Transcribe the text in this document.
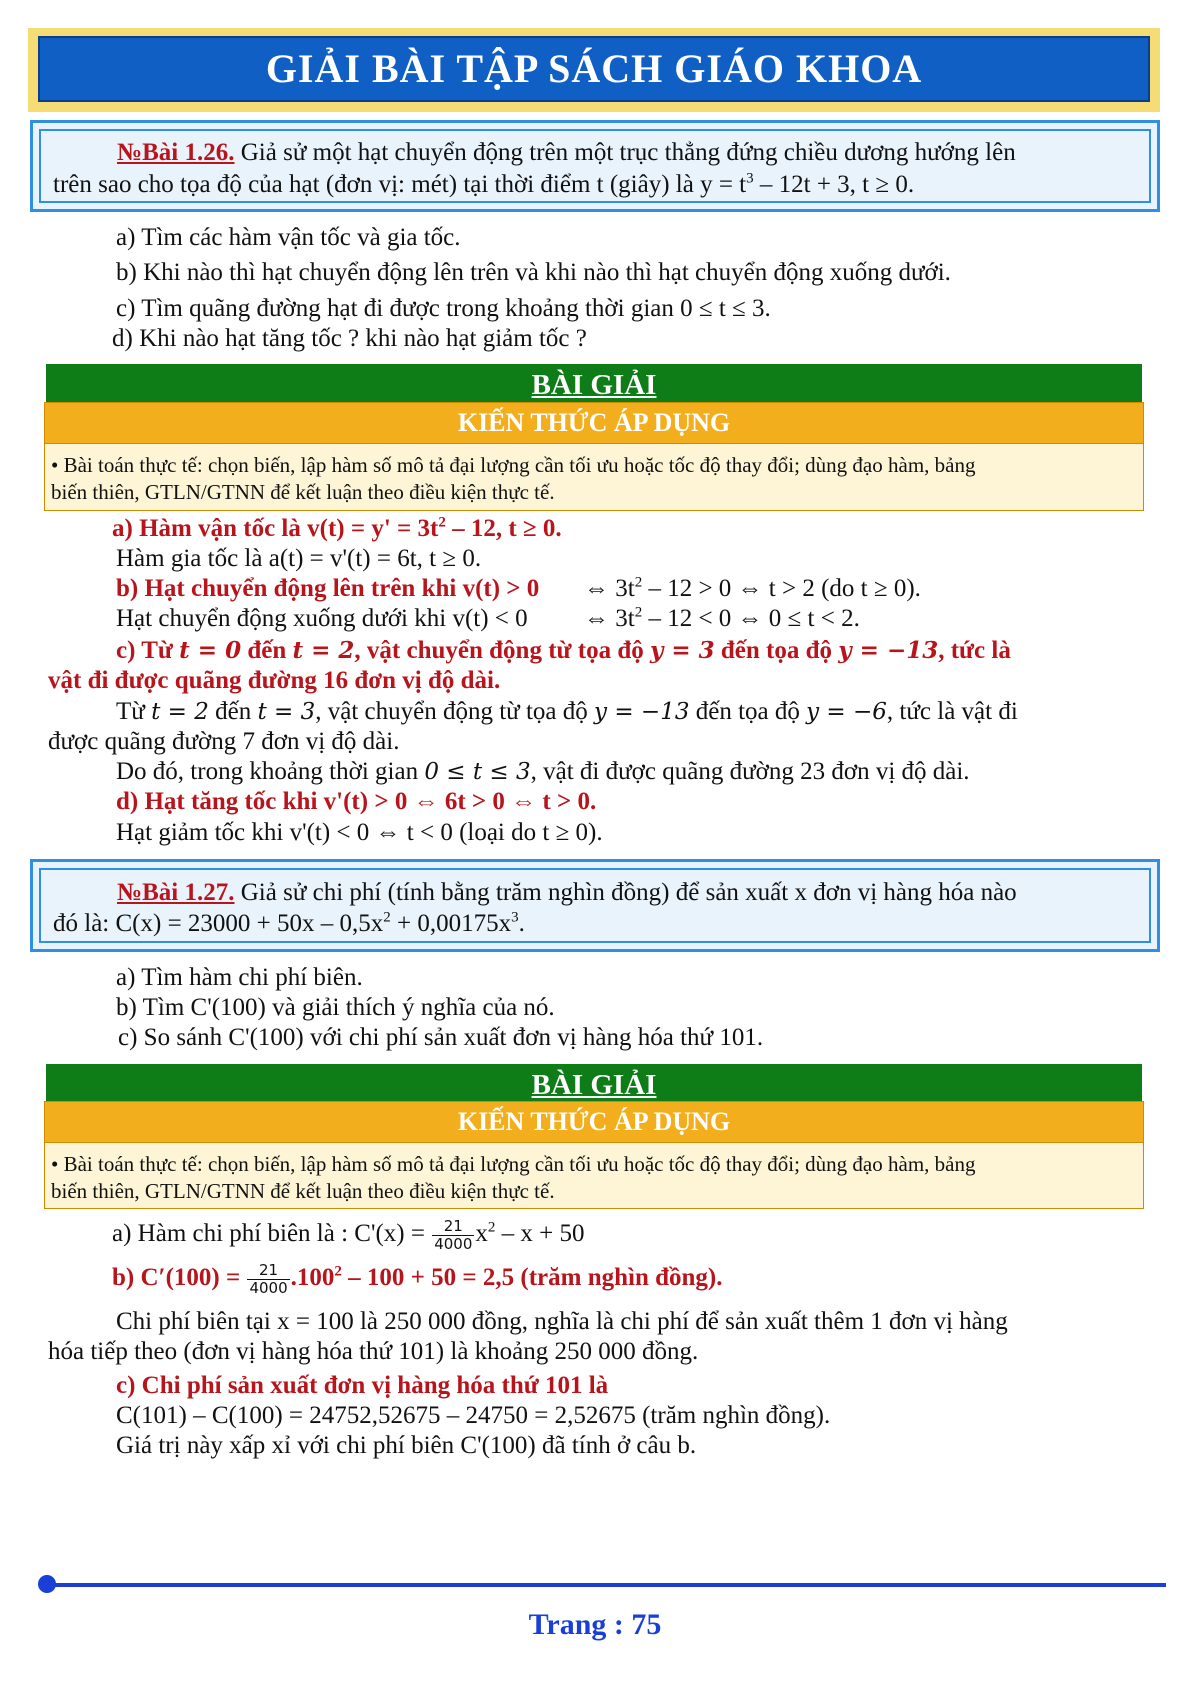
GIẢI BÀI TẬP SÁCH GIÁO KHOA
№Bài 1.26. Giả sử một hạt chuyển động trên một trục thẳng đứng chiều dương hướng lên
trên sao cho tọa độ của hạt (đơn vị: mét) tại thời điểm t (giây) là $y = t^3 - 12t + 3$, t ≥ 0.
a) Tìm các hàm vận tốc và gia tốc.
b) Khi nào thì hạt chuyển động lên trên và khi nào thì hạt chuyển động xuống dưới.
c) Tìm quãng đường hạt đi được trong khoảng thời gian 0 ≤ t ≤ 3.
d) Khi nào hạt tăng tốc ? khi nào hạt giảm tốc ?
BÀI GIẢI
KIẾN THỨC ÁP DỤNG
• Bài toán thực tế: chọn biến, lập hàm số mô tả đại lượng cần tối ưu hoặc tốc độ thay đổi; dùng đạo hàm, bảng
biến thiên, GTLN/GTNN để kết luận theo điều kiện thực tế.
a) Hàm vận tốc là $v(t) = y' = 3t^2 - 12$, t ≥ 0.
Hàm gia tốc là a(t) = v'(t) = 6t, t ≥ 0.
b) Hạt chuyển động lên trên khi v(t) > 0 ⇔ $3t^2 - 12 > 0$ ⇔ t > 2 (do t ≥ 0).
Hạt chuyển động xuống dưới khi v(t) < 0 ⇔ $3t^2 - 12 < 0$ ⇔ 0 ≤ t < 2.
c) Từ t = 0 đến t = 2, vật chuyển động từ tọa độ y = 3 đến tọa độ y = −13, tức là
vật đi được quãng đường 16 đơn vị độ dài.
Từ t = 2 đến t = 3, vật chuyển động từ tọa độ y = −13 đến tọa độ y = −6, tức là vật đi
được quãng đường 7 đơn vị độ dài.
Do đó, trong khoảng thời gian 0 ≤ t ≤ 3, vật đi được quãng đường 23 đơn vị độ dài.
d) Hạt tăng tốc khi v'(t) > 0 ⇔ 6t > 0 ⇔ t > 0.
Hạt giảm tốc khi v'(t) < 0 ⇔ t < 0 (loại do t ≥ 0).
№Bài 1.27. Giả sử chi phí (tính bằng trăm nghìn đồng) để sản xuất x đơn vị hàng hóa nào
đó là: $C(x) = 23000 + 50x - 0,5x^2 + 0,00175x^3$.
a) Tìm hàm chi phí biên.
b) Tìm C'(100) và giải thích ý nghĩa của nó.
c) So sánh C'(100) với chi phí sản xuất đơn vị hàng hóa thứ 101.
BÀI GIẢI
KIẾN THỨC ÁP DỤNG
• Bài toán thực tế: chọn biến, lập hàm số mô tả đại lượng cần tối ưu hoặc tốc độ thay đổi; dùng đạo hàm, bảng
biến thiên, GTLN/GTNN để kết luận theo điều kiện thực tế.
a) Hàm chi phí biên là : $C'(x) = \frac{21}{4000} x^2 - x + 50$
b) $C'(100) = \frac{21}{4000} .100^2 - 100 + 50 = 2,5$ (trăm nghìn đồng).
Chi phí biên tại x = 100 là 250 000 đồng, nghĩa là chi phí để sản xuất thêm 1 đơn vị hàng
hóa tiếp theo (đơn vị hàng hóa thứ 101) là khoảng 250 000 đồng.
c) Chi phí sản xuất đơn vị hàng hóa thứ 101 là
C(101) – C(100) = 24752,52675 – 24750 = 2,52675 (trăm nghìn đồng).
Giá trị này xấp xỉ với chi phí biên C'(100) đã tính ở câu b.
Trang : 75
